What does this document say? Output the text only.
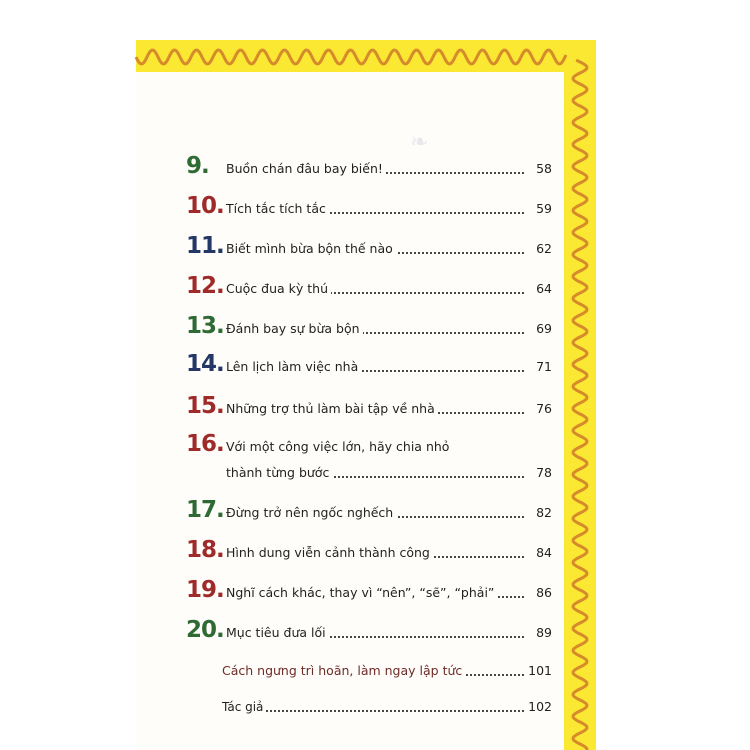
❧
9. Buồn chán đâu bay biến!	58
10. Tích tắc tích tắc	59
11. Biết mình bừa bộn thế nào	62
12. Cuộc đua kỳ thú	64
13. Đánh bay sự bừa bộn	69
14. Lên lịch làm việc nhà	71
15. Những trợ thủ làm bài tập về nhà	76
16. Với một công việc lớn, hãy chia nhỏ
thành từng bước	78
17. Đừng trở nên ngốc nghếch	82
18. Hình dung viễn cảnh thành công	84
19. Nghĩ cách khác, thay vì “nên”, “sẽ”, “phải”	86
20. Mục tiêu đưa lối	89
Cách ngưng trì hoãn, làm ngay lập tức	101
Tác giả	102
